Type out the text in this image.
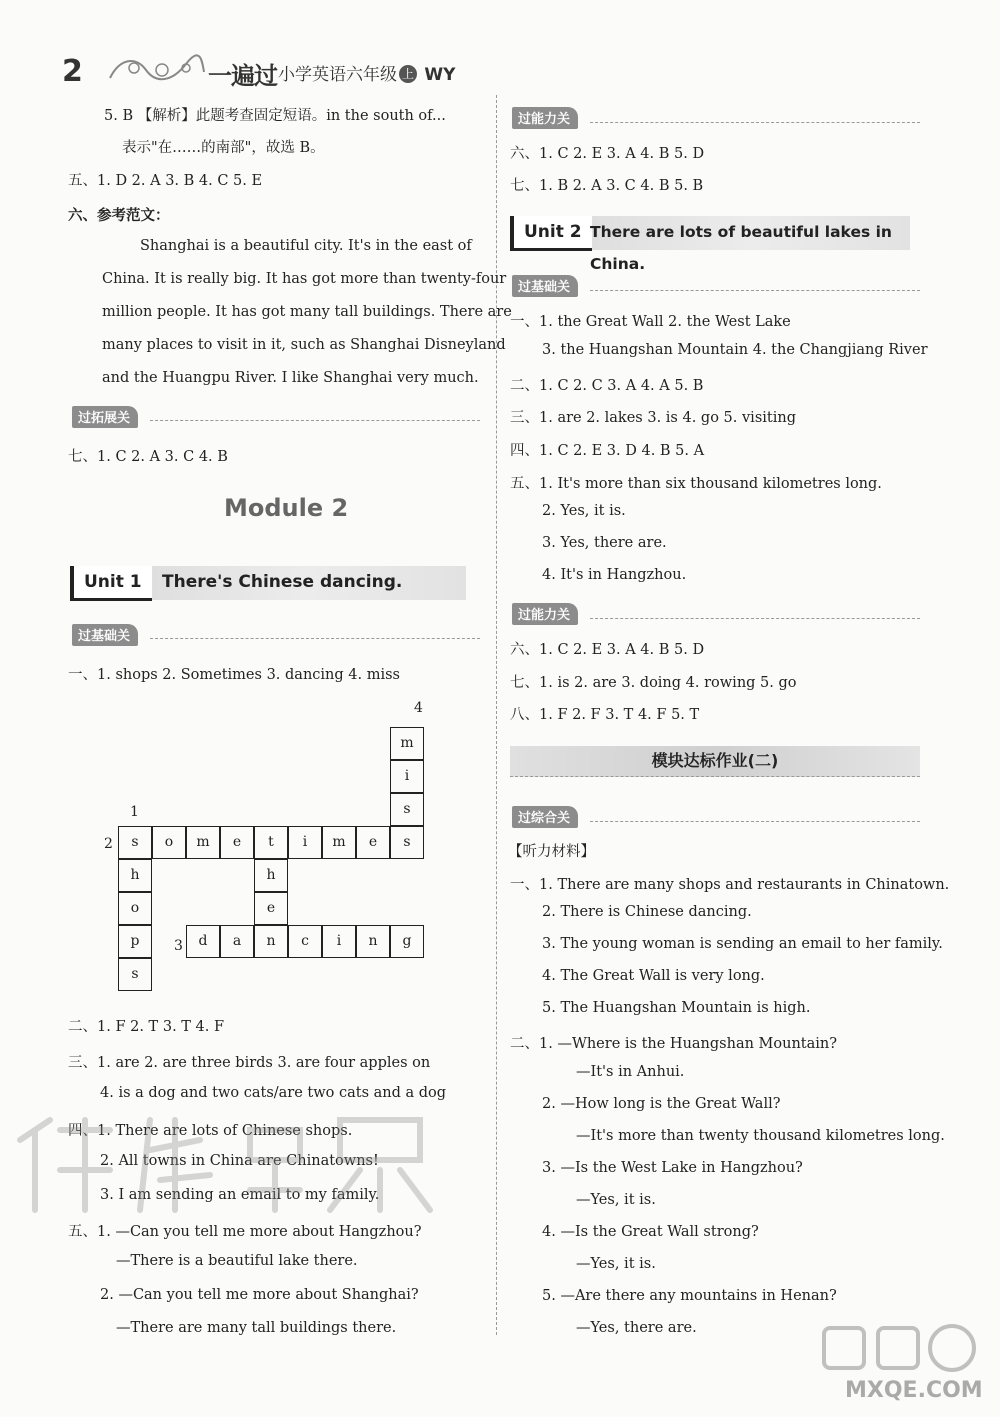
2	一遍过 小学英语六年级 上 WY
5. B 【解析】此题考查固定短语。in the south of...
表示"在……的南部"，故选 B。
五、1. D 2. A 3. B 4. C 5. E
六、参考范文：
Shanghai is a beautiful city. It's in the east of
China. It is really big. It has got more than twenty-four
million people. It has got many tall buildings. There are
many places to visit in it, such as Shanghai Disneyland
and the Huangpu River. I like Shanghai very much.
过拓展关
七、1. C 2. A 3. C 4. B
Module 2
Unit 1	There's Chinese dancing.
过基础关
一、1. shops 2. Sometimes 3. dancing 4. miss
1
2
3
4
s	o	m	e	t	i	m	e	s
h
o
p
s
h
e
d	a	n	c	i	n	g
m
i
s
二、1. F 2. T 3. T 4. F
三、1. are 2. are three birds 3. are four apples on
4. is a dog and two cats/are two cats and a dog
四、1. There are lots of Chinese shops.
2. All towns in China are Chinatowns!
3. I am sending an email to my family.
五、1. —Can you tell me more about Hangzhou?
—There is a beautiful lake there.
2. —Can you tell me more about Shanghai?
—There are many tall buildings there.
过能力关
六、1. C 2. E 3. A 4. B 5. D
七、1. B 2. A 3. C 4. B 5. B
Unit 2 There are lots of beautiful lakes in China.
过基础关
一、1. the Great Wall 2. the West Lake
3. the Huangshan Mountain 4. the Changjiang River
二、1. C 2. C 3. A 4. A 5. B
三、1. are 2. lakes 3. is 4. go 5. visiting
四、1. C 2. E 3. D 4. B 5. A
五、1. It's more than six thousand kilometres long.
2. Yes, it is.
3. Yes, there are.
4. It's in Hangzhou.
过能力关
六、1. C 2. E 3. A 4. B 5. D
七、1. is 2. are 3. doing 4. rowing 5. go
八、1. F 2. F 3. T 4. F 5. T
模块达标作业(二)
过综合关
【听力材料】
一、1. There are many shops and restaurants in Chinatown.
2. There is Chinese dancing.
3. The young woman is sending an email to her family.
4. The Great Wall is very long.
5. The Huangshan Mountain is high.
二、1. —Where is the Huangshan Mountain?
—It's in Anhui.
2. —How long is the Great Wall?
—It's more than twenty thousand kilometres long.
3. —Is the West Lake in Hangzhou?
—Yes, it is.
4. —Is the Great Wall strong?
—Yes, it is.
5. —Are there any mountains in Henan?
—Yes, there are.
MXQE.COM
